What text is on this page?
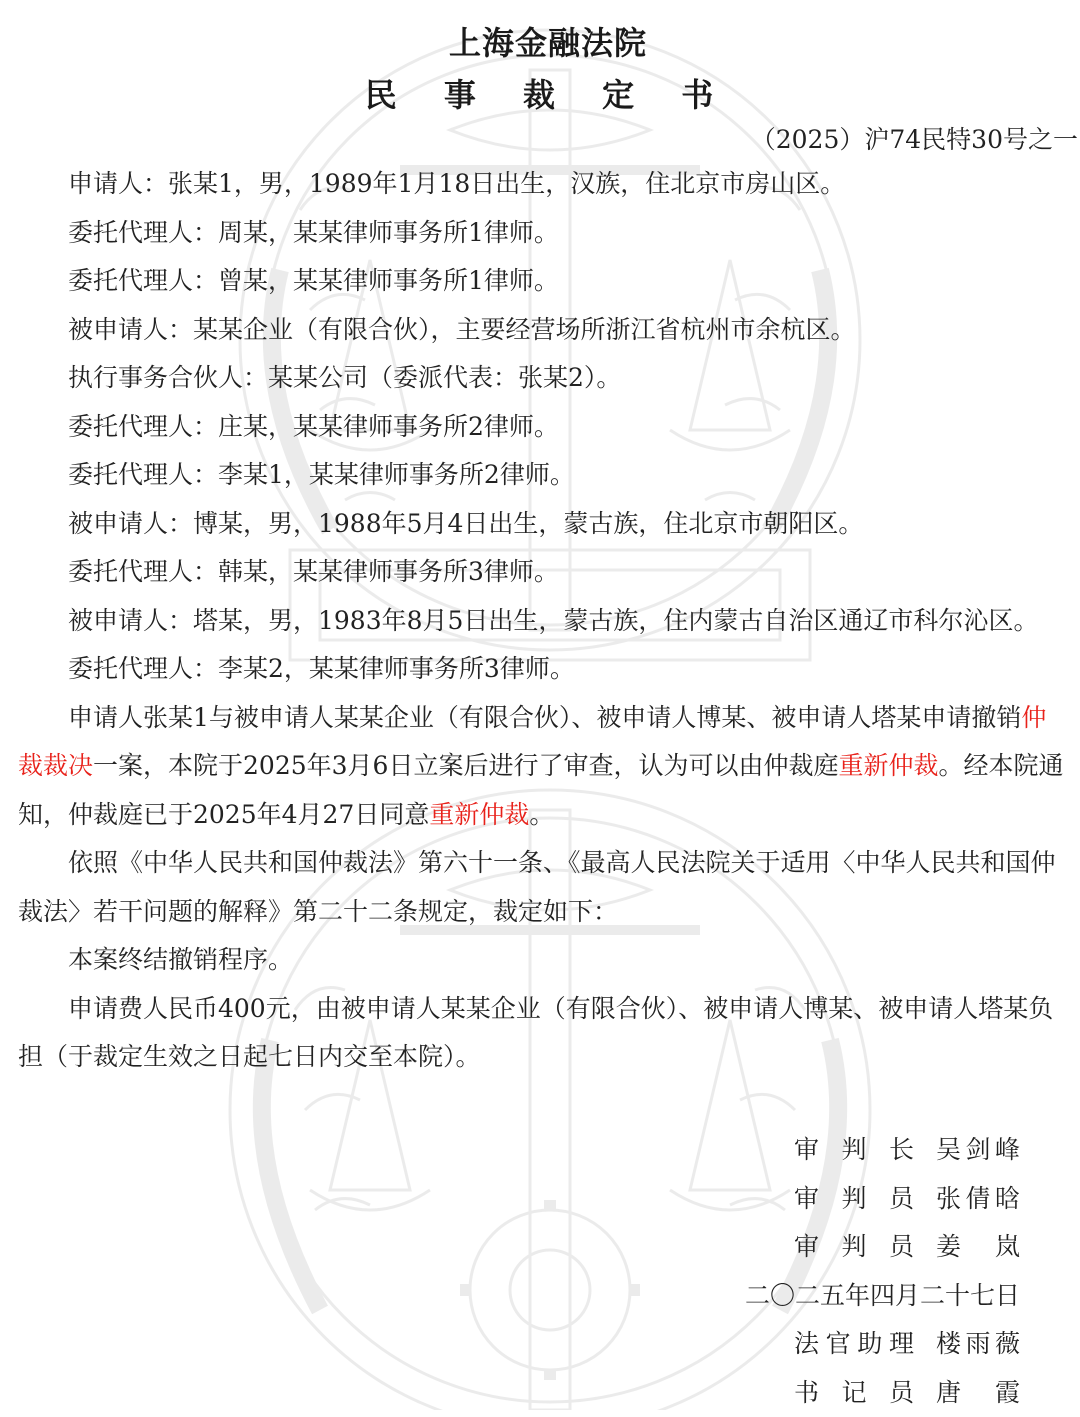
上海金融法院
民 事 裁 定 书
（2025）沪74民特30号之一

申请人：张某1，男，1989年1月18日出生，汉族，住北京市房山区。

委托代理人：周某，某某律师事务所1律师。

委托代理人：曾某，某某律师事务所1律师。

被申请人：某某企业（有限合伙），主要经营场所浙江省杭州市余杭区。

执行事务合伙人：某某公司（委派代表：张某2）。

委托代理人：庄某，某某律师事务所2律师。

委托代理人：李某1，某某律师事务所2律师。

被申请人：博某，男，1988年5月4日出生，蒙古族，住北京市朝阳区。

委托代理人：韩某，某某律师事务所3律师。

被申请人：塔某，男，1983年8月5日出生，蒙古族，住内蒙古自治区通辽市科尔沁区。

委托代理人：李某2，某某律师事务所3律师。

申请人张某1与被申请人某某企业（有限合伙）、被申请人博某、被申请人塔某申请撤销仲裁裁决一案，本院于2025年3月6日立案后进行了审查，认为可以由仲裁庭重新仲裁。经本院通知，仲裁庭已于2025年4月27日同意重新仲裁。

依照《中华人民共和国仲裁法》第六十一条、《最高人民法院关于适用〈中华人民共和国仲裁法〉若干问题的解释》第二十二条规定，裁定如下：

本案终结撤销程序。

申请费人民币400元，由被申请人某某企业（有限合伙）、被申请人博某、被申请人塔某负担（于裁定生效之日起七日内交至本院）。

审判长 吴剑峰
审判员 张倩晗
审判员 姜岚
二〇二五年四月二十七日
法官助理 楼雨薇
书记员 唐霞
